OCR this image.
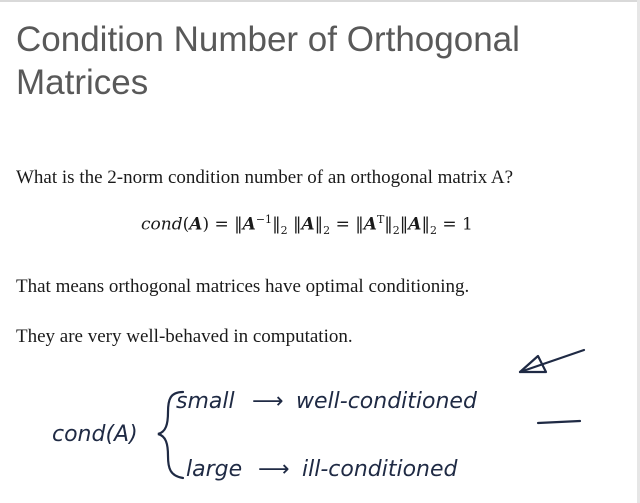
Condition Number of Orthogonal Matrices
What is the 2-norm condition number of an orthogonal matrix A?
cond(A) = $‖A^{-1}‖_2$ $‖A‖_2$ = $‖A^T‖_2‖A‖_2 = 1$
That means orthogonal matrices have optimal conditioning.
They are very well-behaved in computation.
cond(A)
small ⟶ well-conditioned
large ⟶ ill-conditioned
